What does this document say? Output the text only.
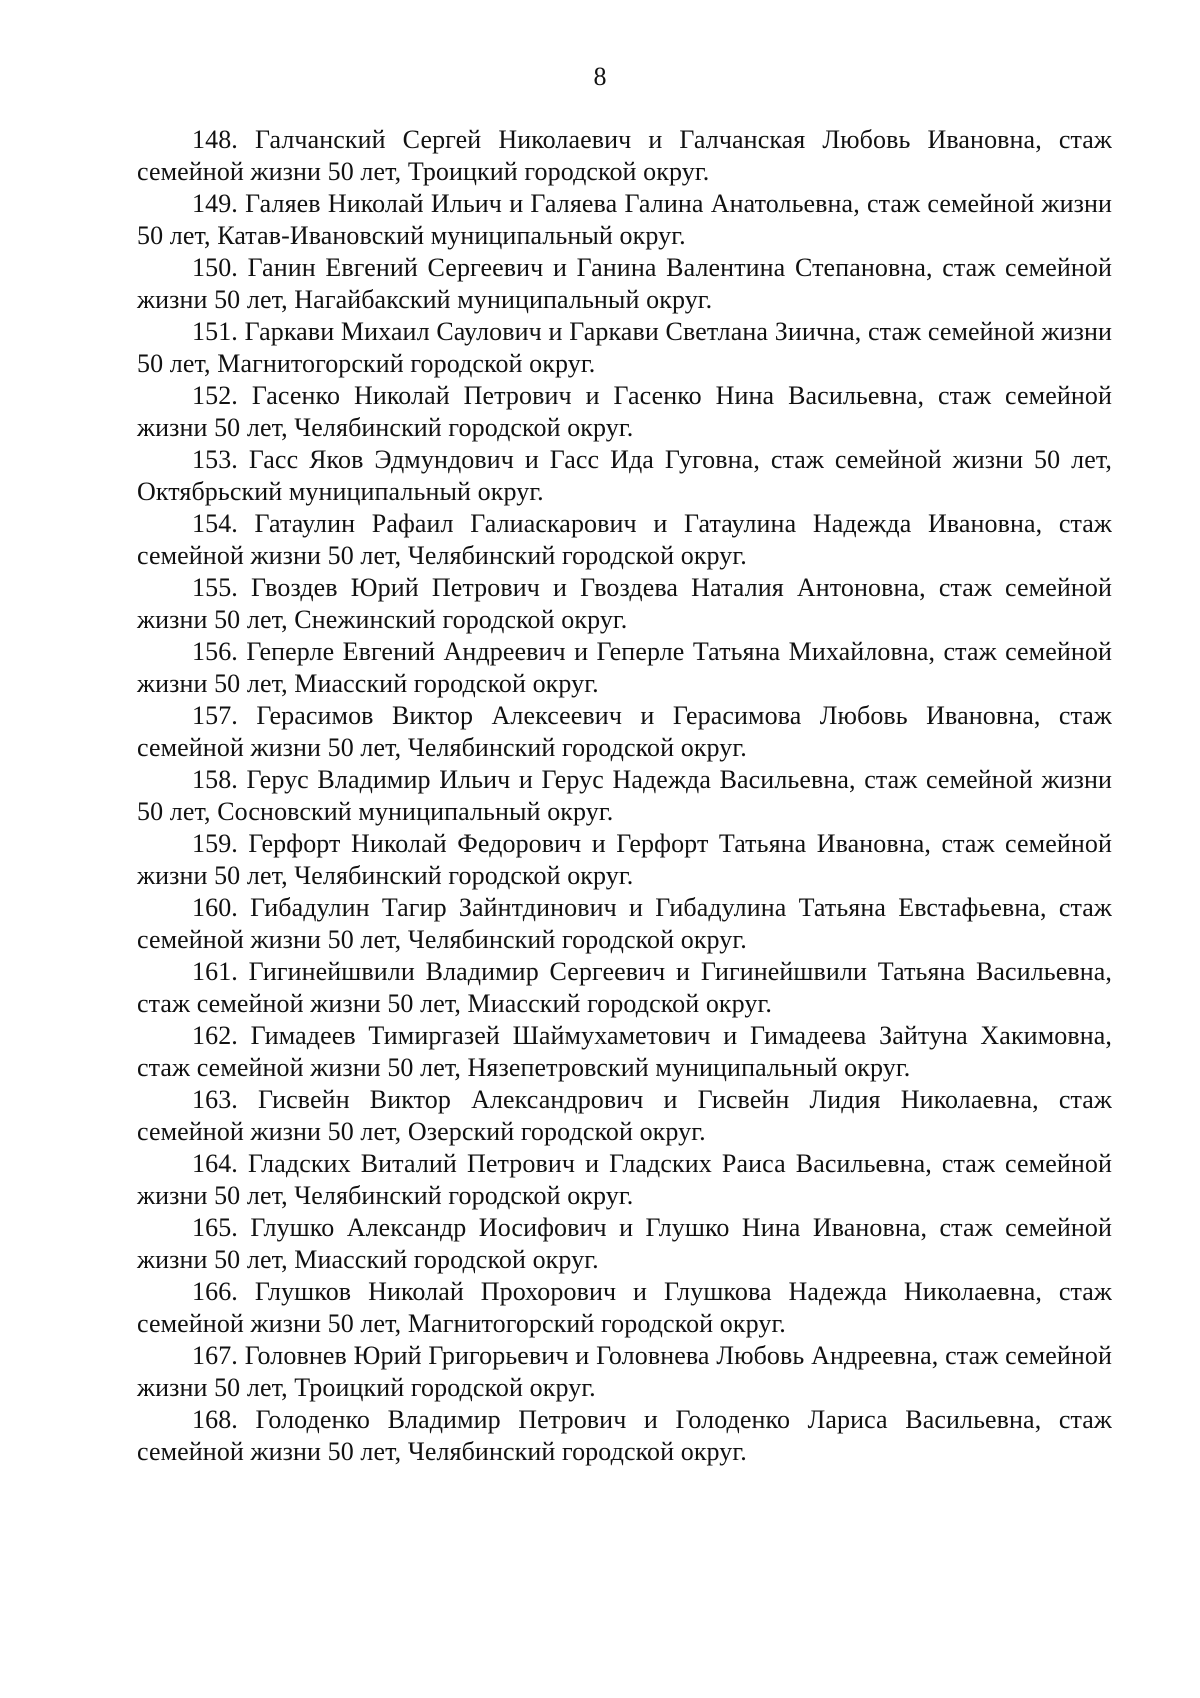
8

148. Галчанский Сергей Николаевич и Галчанская Любовь Ивановна, стаж семейной жизни 50 лет, Троицкий городской округ.

149. Галяев Николай Ильич и Галяева Галина Анатольевна, стаж семейной жизни 50 лет, Катав-Ивановский муниципальный округ.

150. Ганин Евгений Сергеевич и Ганина Валентина Степановна, стаж семейной жизни 50 лет, Нагайбакский муниципальный округ.

151. Гаркави Михаил Саулович и Гаркави Светлана Зиична, стаж семейной жизни 50 лет, Магнитогорский городской округ.

152. Гасенко Николай Петрович и Гасенко Нина Васильевна, стаж семейной жизни 50 лет, Челябинский городской округ.

153. Гасс Яков Эдмундович и Гасс Ида Гуговна, стаж семейной жизни 50 лет, Октябрьский муниципальный округ.

154. Гатаулин Рафаил Галиаскарович и Гатаулина Надежда Ивановна, стаж семейной жизни 50 лет, Челябинский городской округ.

155. Гвоздев Юрий Петрович и Гвоздева Наталия Антоновна, стаж семейной жизни 50 лет, Снежинский городской округ.

156. Геперле Евгений Андреевич и Геперле Татьяна Михайловна, стаж семейной жизни 50 лет, Миасский городской округ.

157. Герасимов Виктор Алексеевич и Герасимова Любовь Ивановна, стаж семейной жизни 50 лет, Челябинский городской округ.

158. Герус Владимир Ильич и Герус Надежда Васильевна, стаж семейной жизни 50 лет, Сосновский муниципальный округ.

159. Герфорт Николай Федорович и Герфорт Татьяна Ивановна, стаж семейной жизни 50 лет, Челябинский городской округ.

160. Гибадулин Тагир Зайнтдинович и Гибадулина Татьяна Евстафьевна, стаж семейной жизни 50 лет, Челябинский городской округ.

161. Гигинейшвили Владимир Сергеевич и Гигинейшвили Татьяна Васильевна, стаж семейной жизни 50 лет, Миасский городской округ.

162. Гимадеев Тимиргазей Шаймухаметович и Гимадеева Зайтуна Хакимовна, стаж семейной жизни 50 лет, Нязепетровский муниципальный округ.

163. Гисвейн Виктор Александрович и Гисвейн Лидия Николаевна, стаж семейной жизни 50 лет, Озерский городской округ.

164. Гладских Виталий Петрович и Гладских Раиса Васильевна, стаж семейной жизни 50 лет, Челябинский городской округ.

165. Глушко Александр Иосифович и Глушко Нина Ивановна, стаж семейной жизни 50 лет, Миасский городской округ.

166. Глушков Николай Прохорович и Глушкова Надежда Николаевна, стаж семейной жизни 50 лет, Магнитогорский городской округ.

167. Головнев Юрий Григорьевич и Головнева Любовь Андреевна, стаж семейной жизни 50 лет, Троицкий городской округ.

168. Голоденко Владимир Петрович и Голоденко Лариса Васильевна, стаж семейной жизни 50 лет, Челябинский городской округ.
